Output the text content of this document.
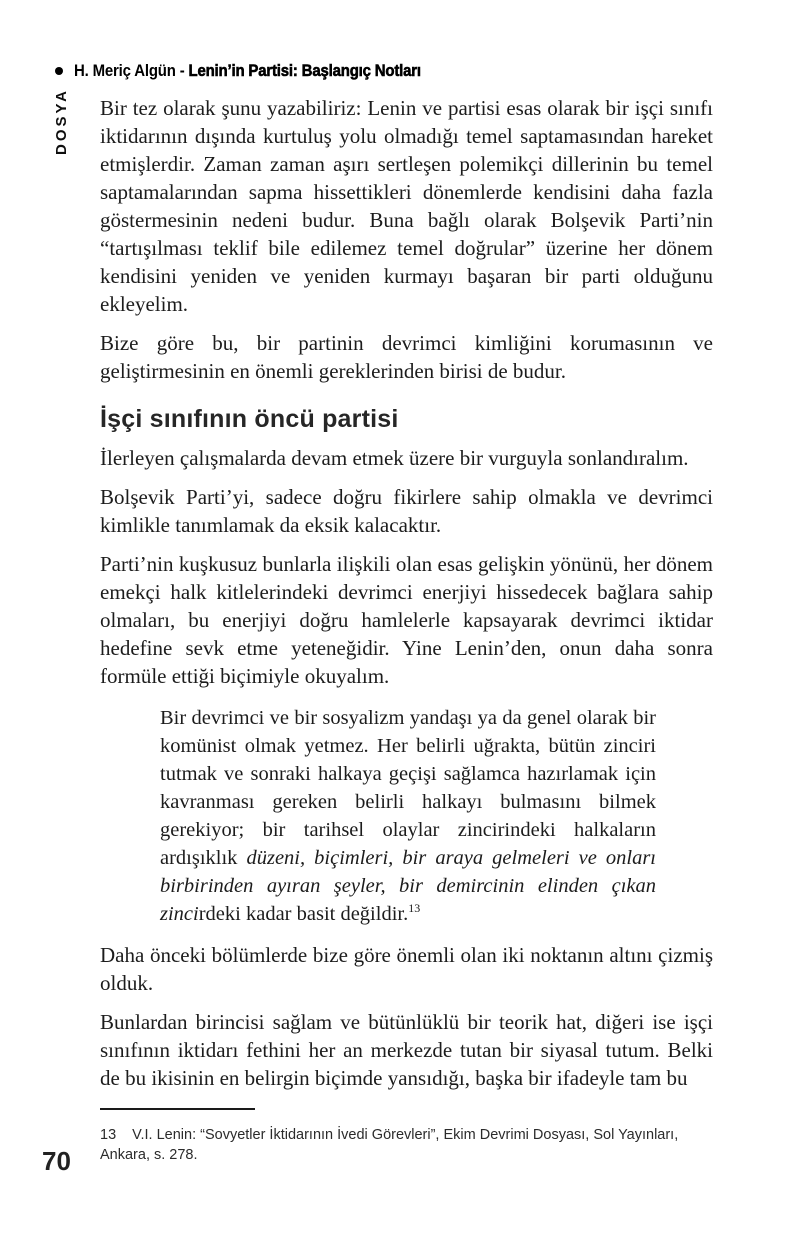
H. Meriç Algün - Lenin’in Partisi: Başlangıç Notları
DOSYA Bir tez olarak şunu yazabiliriz: Lenin ve partisi esas olarak bir işçi sınıfı iktidarının dışında kurtuluş yolu olmadığı temel saptamasından hareket etmişlerdir. Zaman zaman aşırı sertleşen polemikçi dillerinin bu temel saptamalarından sapma hissettikleri dönemlerde kendisini daha fazla göstermesinin nedeni budur. Buna bağlı olarak Bolşevik Parti’nin “tartışılması teklif bile edilemez temel doğrular” üzerine her dönem kendisini yeniden ve yeniden kurmayı başaran bir parti olduğunu ekleyelim.

Bize göre bu, bir partinin devrimci kimliğini korumasının ve geliştirmesinin en önemli gereklerinden birisi de budur.

İşçi sınıfının öncü partisi

İlerleyen çalışmalarda devam etmek üzere bir vurguyla sonlandıralım.

Bolşevik Parti’yi, sadece doğru fikirlere sahip olmakla ve devrimci kimlikle tanımlamak da eksik kalacaktır.

Parti’nin kuşkusuz bunlarla ilişkili olan esas gelişkin yönünü, her dönem emekçi halk kitlelerindeki devrimci enerjiyi hissedecek bağlara sahip olmaları, bu enerjiyi doğru hamlelerle kapsayarak devrimci iktidar hedefine sevk etme yeteneğidir. Yine Lenin’den, onun daha sonra formüle ettiği biçimiyle okuyalım.

Bir devrimci ve bir sosyalizm yandaşı ya da genel olarak bir komünist olmak yetmez. Her belirli uğrakta, bütün zinciri tutmak ve sonraki halkaya geçişi sağlamca hazırlamak için kavranması gereken belirli halkayı bulmasını bilmek gerekiyor; bir tarihsel olaylar zincirindeki halkaların ardışıklık düzeni, biçimleri, bir araya gelmeleri ve onları birbirinden ayıran şeyler, bir demircinin elinden çıkan zincirdeki kadar basit değildir.$^{13}$

Daha önceki bölümlerde bize göre önemli olan iki noktanın altını çizmiş olduk.

Bunlardan birincisi sağlam ve bütünlüklü bir teorik hat, diğeri ise işçi sınıfının iktidarı fethini her an merkezde tutan bir siyasal tutum. Belki de bu ikisinin en belirgin biçimde yansıdığı, başka bir ifadeyle tam bu

13 V.I. Lenin: “Sovyetler İktidarının İvedi Görevleri”, Ekim Devrimi Dosyası, Sol Yayınları, Ankara, s. 278.

70
